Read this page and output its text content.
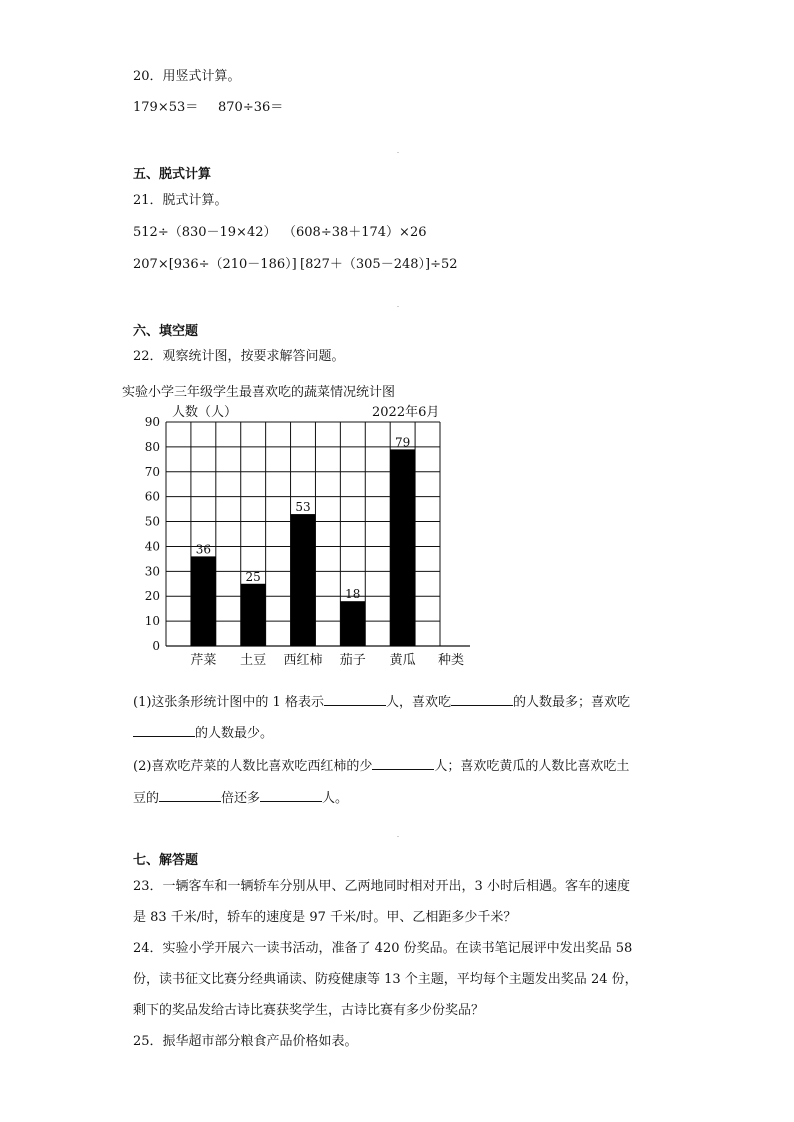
20．用竖式计算。
179×53＝ 870÷36＝
五、脱式计算
21．脱式计算。
512÷（830－19×42） （608÷38＋174）×26
207×[936÷（210－186）] [827＋（305－248）]÷52
六、填空题
22．观察统计图，按要求解答问题。
实验小学三年级学生最喜欢吃的蔬菜情况统计图
人数（人）	2022年6月
0
10
20
30
40
50
60
70
80
90
36
芹菜
25
土豆
53
西红柿
18
茄子
79
黄瓜 种类
(1)这张条形统计图中的 1 格表示	人，喜欢吃	的人数最多；喜欢吃
的人数最少。
(2)喜欢吃芹菜的人数比喜欢吃西红柿的少	人；喜欢吃黄瓜的人数比喜欢吃土
豆的	倍还多	人。
七、解答题
23．一辆客车和一辆轿车分别从甲、乙两地同时相对开出，3 小时后相遇。客车的速度
是 83 千米/时，轿车的速度是 97 千米/时。甲、乙相距多少千米？
24．实验小学开展六一读书活动，准备了 420 份奖品。在读书笔记展评中发出奖品 58
份，读书征文比赛分经典诵读、防疫健康等 13 个主题，平均每个主题发出奖品 24 份，
剩下的奖品发给古诗比赛获奖学生，古诗比赛有多少份奖品？
25．振华超市部分粮食产品价格如表。
